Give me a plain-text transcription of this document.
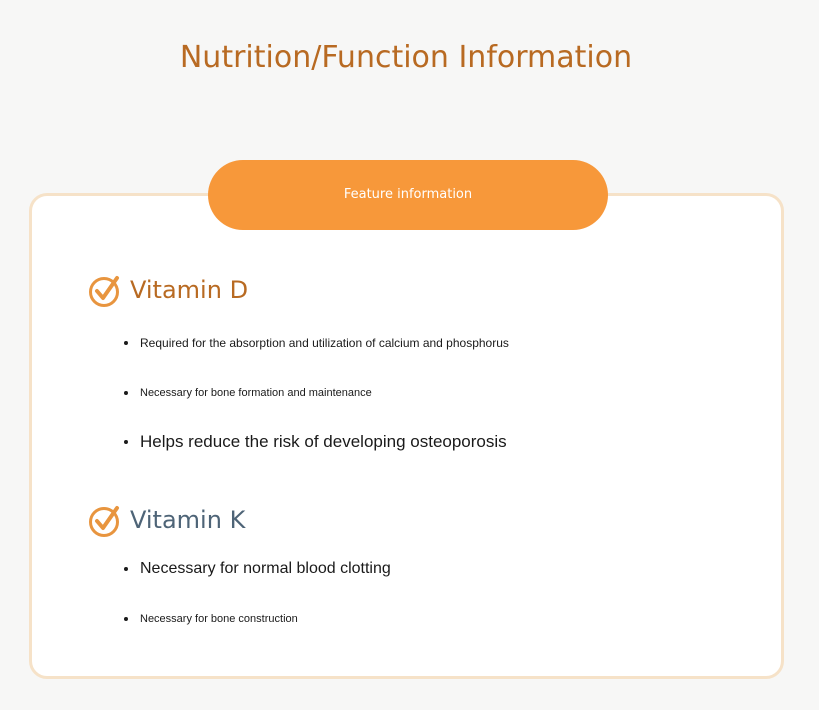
Nutrition/Function Information
Feature information
Vitamin D
Required for the absorption and utilization of calcium and phosphorus
Necessary for bone formation and maintenance
Helps reduce the risk of developing osteoporosis
Vitamin K
Necessary for normal blood clotting
Necessary for bone construction
